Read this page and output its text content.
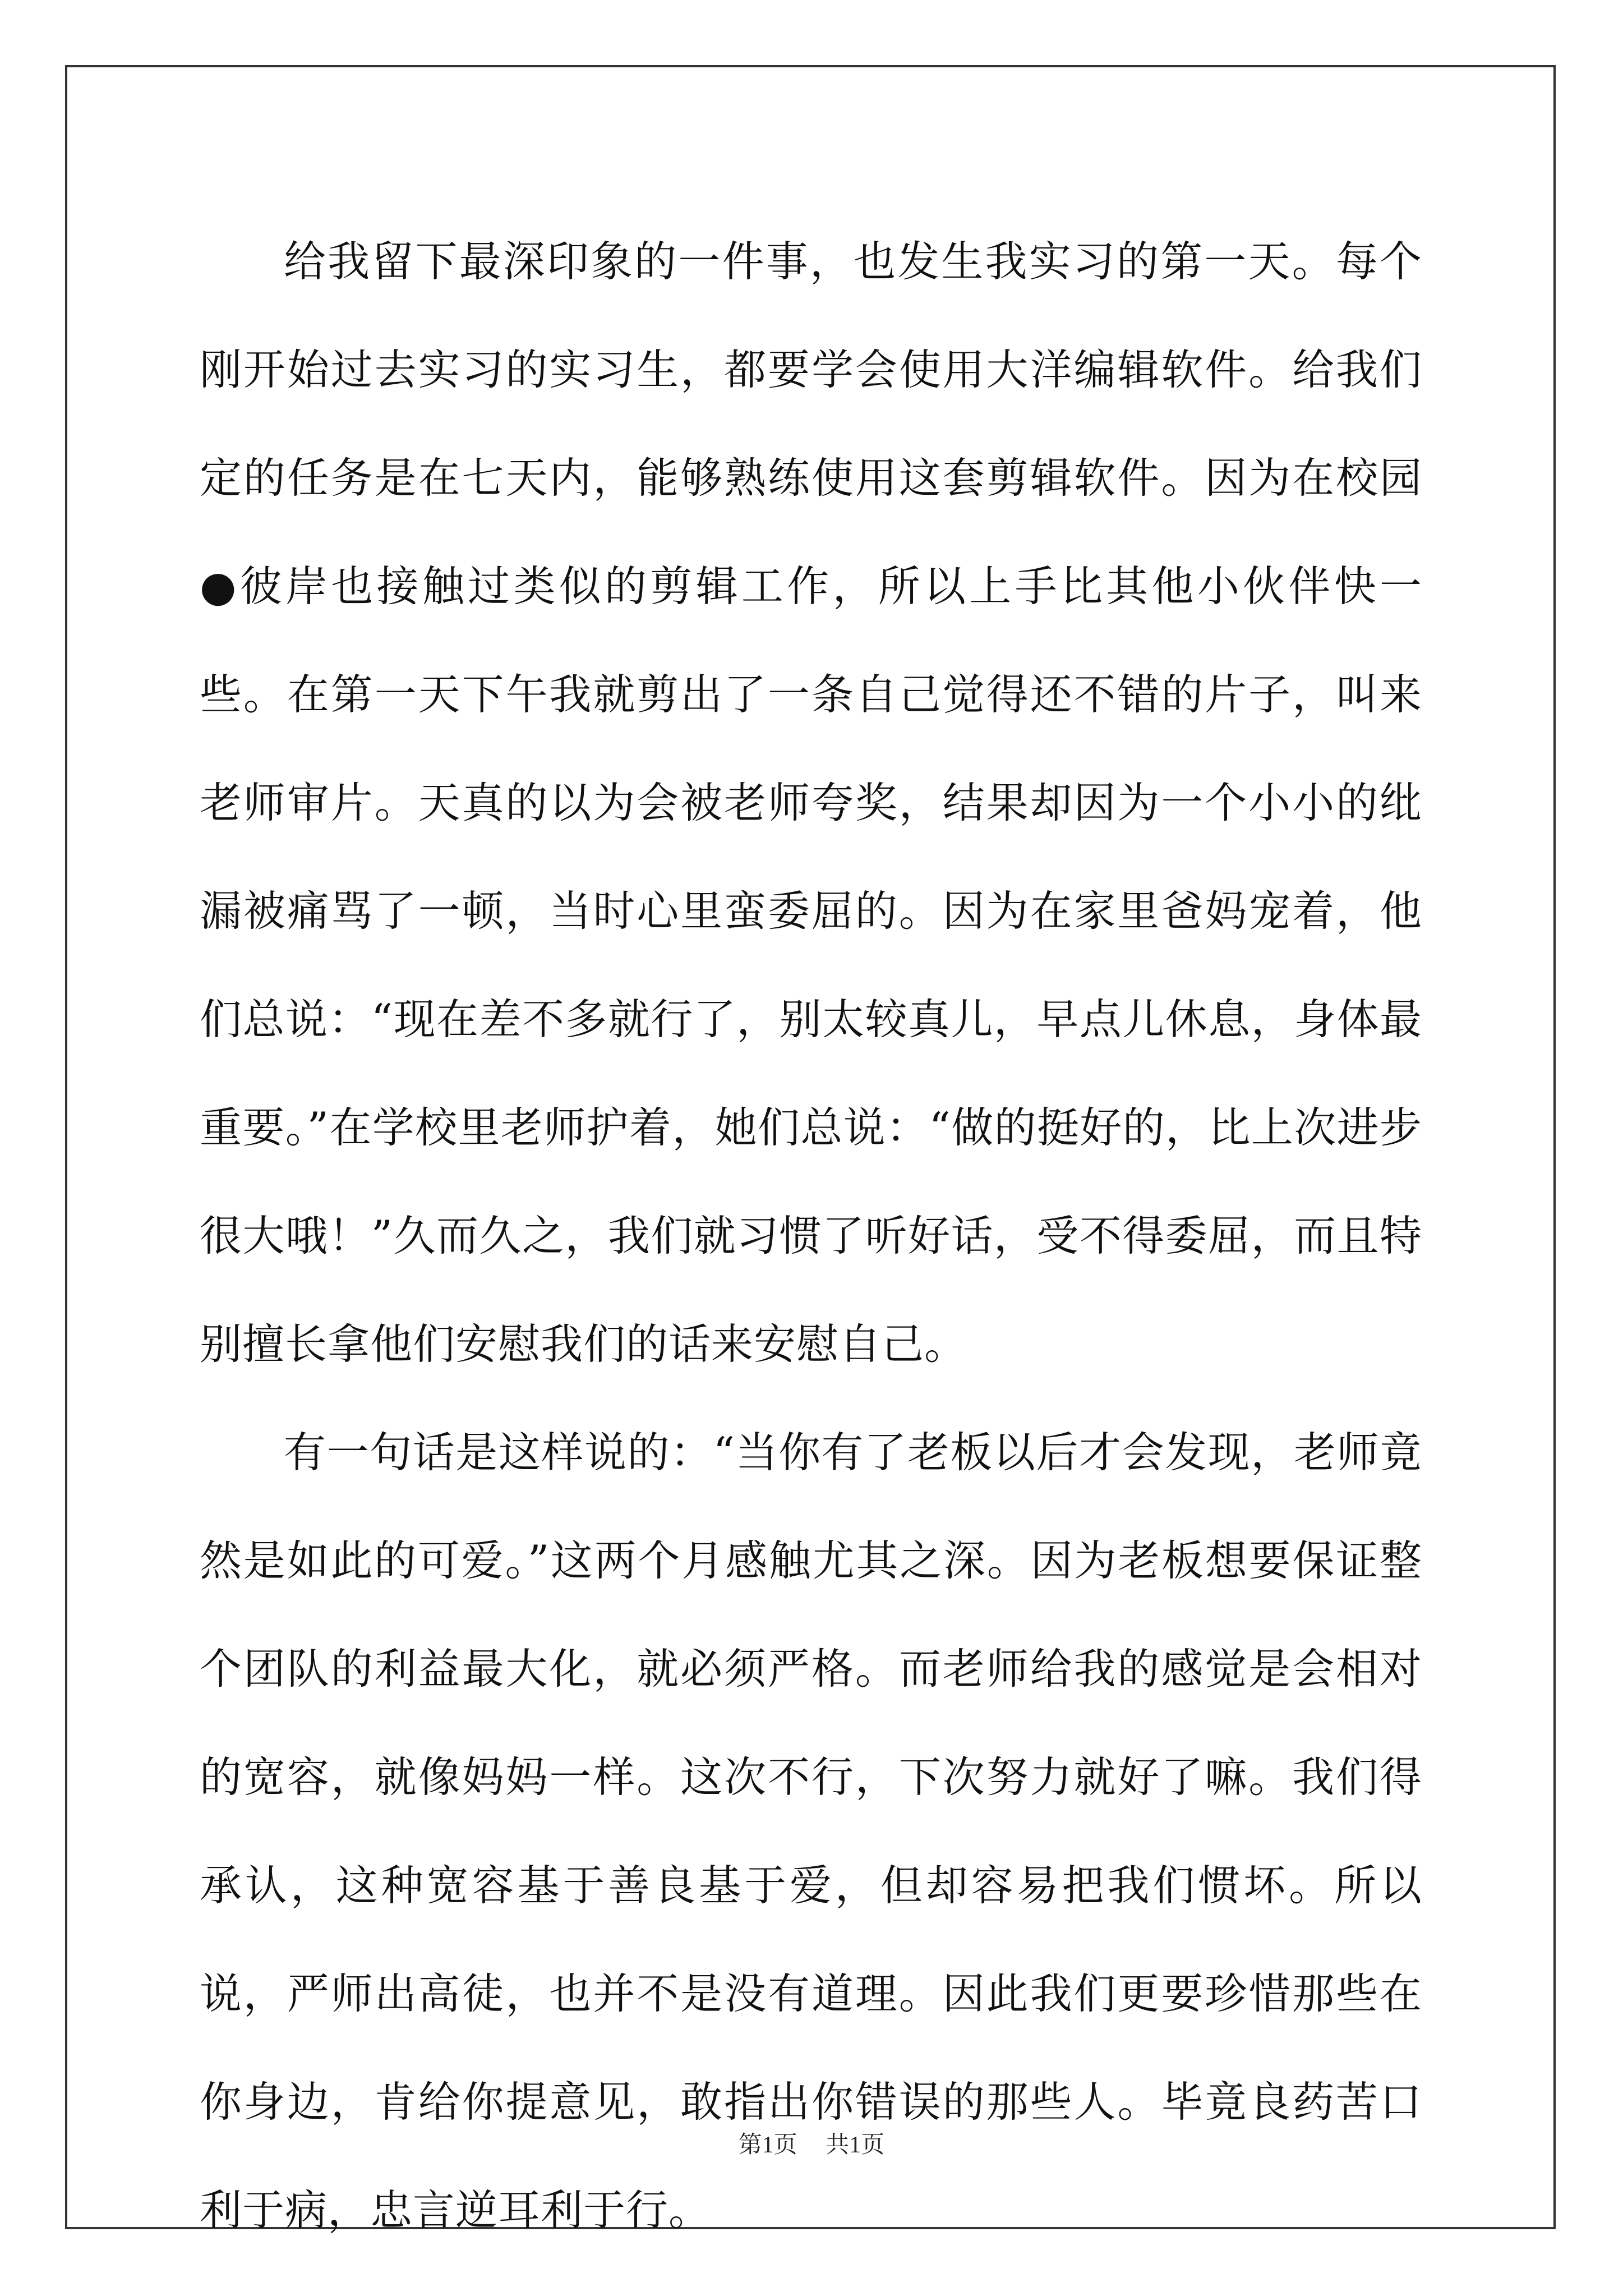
给我留下最深印象的一件事，也发生我实习的第一天。每个刚开始过去实习的实习生，都要学会使用大洋编辑软件。给我们定的任务是在七天内，能够熟练使用这套剪辑软件。因为在校园●彼岸也接触过类似的剪辑工作，所以上手比其他小伙伴快一些。在第一天下午我就剪出了一条自己觉得还不错的片子，叫来老师审片。天真的以为会被老师夸奖，结果却因为一个小小的纰漏被痛骂了一顿，当时心里蛮委屈的。因为在家里爸妈宠着，他们总说：“现在差不多就行了，别太较真儿，早点儿休息，身体最重要。”在学校里老师护着，她们总说：“做的挺好的，比上次进步很大哦！”久而久之，我们就习惯了听好话，受不得委屈，而且特别擅长拿他们安慰我们的话来安慰自己。

有一句话是这样说的：“当你有了老板以后才会发现，老师竟然是如此的可爱。”这两个月感触尤其之深。因为老板想要保证整个团队的利益最大化，就必须严格。而老师给我的感觉是会相对的宽容，就像妈妈一样。这次不行，下次努力就好了嘛。我们得承认，这种宽容基于善良基于爱，但却容易把我们惯坏。所以说，严师出高徒，也并不是没有道理。因此我们更要珍惜那些在你身边，肯给你提意见，敢指出你错误的那些人。毕竟良药苦口利于病，忠言逆耳利于行。

第1页 共1页
